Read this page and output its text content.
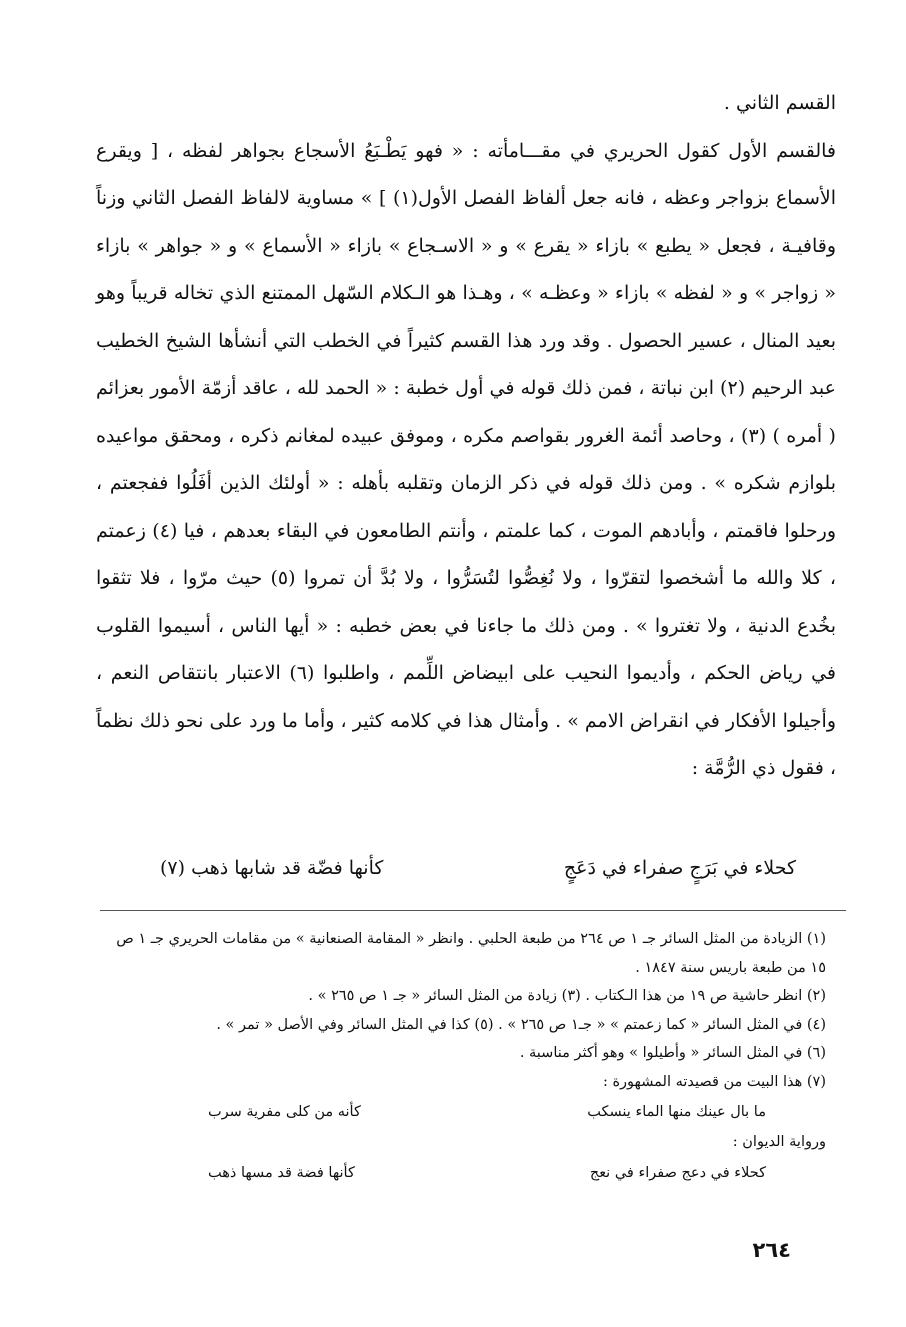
القسم الثاني .

فالقسم الأول كقول الحريري في مقـــامأته : « فهو يَطْـبَعُ الأسجاع بجواهر لفظه ، [ ويقرع الأسماع بزواجر وعظه ، فانه جعل ألفاظ الفصل الأول(١) ] » مساوية لالفاظ الفصل الثاني وزناً وقافيـة ، فجعل « يطبع » بازاء « يقرع » و « الاسـجاع » بازاء « الأسماع » و « جواهر » بازاء « زواجر » و « لفظه » بازاء « وعظـه » ، وهـذا هو الـكلام السّهل الممتنع الذي تخاله قريباً وهو بعيد المنال ، عسير الحصول . وقد ورد هذا القسم كثيراً في الخطب التي أنشأها الشيخ الخطيب عبد الرحيم (٢) ابن نباتة ، فمن ذلك قوله في أول خطبة : « الحمد لله ، عاقد أزمّة الأمور بعزائم ( أمره ) (٣) ، وحاصد أئمة الغرور بقواصم مكره ، وموفق عبيده لمغانم ذكره ، ومحقق مواعيده بلوازم شكره » . ومن ذلك قوله في ذكر الزمان وتقلبه بأهله : « أولئك الذين أفَلُوا ففجعتم ، ورحلوا فاقمتم ، وأبادهم الموت ، كما علمتم ، وأنتم الطامعون في البقاء بعدهم ، فيا (٤) زعمتم ، كلا والله ما أشخصوا لتقرّوا ، ولا نُغِصُّوا لتُسَرُّوا ، ولا بُدَّ أن تمروا (٥) حيث مرّوا ، فلا تثقوا بخُدع الدنية ، ولا تغتروا » . ومن ذلك ما جاءنا في بعض خطبه : « أيها الناس ، أسيموا القلوب في رياض الحكم ، وأديموا النحيب على ابيضاض اللِّمم ، واطلبوا (٦) الاعتبار بانتقاص النعم ، وأجيلوا الأفكار في انقراض الامم » . وأمثال هذا في كلامه كثير ، وأما ما ورد على نحو ذلك نظماً ، فقول ذي الرُّمَّة :

كحلاء في بَرَجٍ صفراء في دَعَجٍ
كأنها فضّة قد شابها ذهب (٧)

(١) الزيادة من المثل السائر جـ ١ ص ٢٦٤ من طبعة الحلبي . وانظر « المقامة الصنعانية » من مقامات الحريري جـ ١ ص ١٥ من طبعة باريس سنة ١٨٤٧ .

(٢) انظر حاشية ص ١٩ من هذا الـكتاب . (٣) زيادة من المثل السائر « جـ ١ ص ٢٦٥ » .

(٤) في المثل السائر « كما زعمتم » « جـ١ ص ٢٦٥ » . (٥) كذا في المثل السائر وفي الأصل « تمر » .

(٦) في المثل السائر « وأطيلوا » وهو أكثر مناسبة .

(٧) هذا البيت من قصيدته المشهورة :

ما بال عينك منها الماء ينسكب
كأنه من كلى مفرية سرب

ورواية الديوان :

كحلاء في دعج صفراء في نعج
كأنها فضة قد مسها ذهب
٢٦٤
